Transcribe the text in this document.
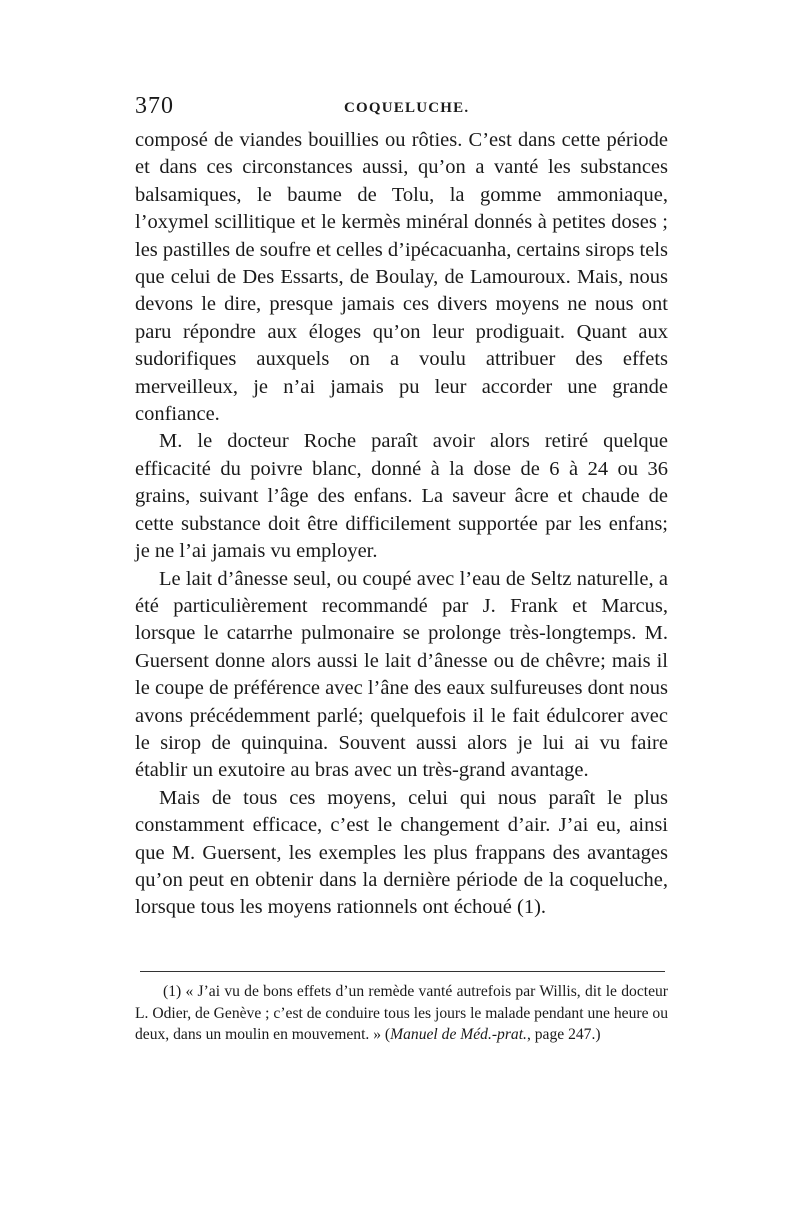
370	COQUELUCHE.

composé de viandes bouillies ou rôties. C’est dans cette période et dans ces circonstances aussi, qu’on a vanté les substances balsamiques, le baume de Tolu, la gomme ammoniaque, l’oxymel scillitique et le kermès minéral donnés à petites doses ; les pastilles de soufre et celles d’ipécacuanha, certains sirops tels que celui de Des Essarts, de Boulay, de Lamouroux. Mais, nous devons le dire, presque jamais ces divers moyens ne nous ont paru répondre aux éloges qu’on leur prodiguait. Quant aux sudorifiques auxquels on a voulu attribuer des effets merveilleux, je n’ai jamais pu leur accorder une grande confiance.

M. le docteur Roche paraît avoir alors retiré quelque efficacité du poivre blanc, donné à la dose de 6 à 24 ou 36 grains, suivant l’âge des enfans. La saveur âcre et chaude de cette substance doit être difficilement supportée par les enfans; je ne l’ai jamais vu employer.

Le lait d’ânesse seul, ou coupé avec l’eau de Seltz naturelle, a été particulièrement recommandé par J. Frank et Marcus, lorsque le catarrhe pulmonaire se prolonge très-longtemps. M. Guersent donne alors aussi le lait d’ânesse ou de chêvre; mais il le coupe de préférence avec l’âne des eaux sulfureuses dont nous avons précédemment parlé; quelquefois il le fait édulcorer avec le sirop de quinquina. Souvent aussi alors je lui ai vu faire établir un exutoire au bras avec un très-grand avantage.

Mais de tous ces moyens, celui qui nous paraît le plus constamment efficace, c’est le changement d’air. J’ai eu, ainsi que M. Guersent, les exemples les plus frappans des avantages qu’on peut en obtenir dans la dernière période de la coqueluche, lorsque tous les moyens rationnels ont échoué (1).

(1) « J’ai vu de bons effets d’un remède vanté autrefois par Willis, dit le docteur L. Odier, de Genève ; c’est de conduire tous les jours le malade pendant une heure ou deux, dans un moulin en mouvement. » (Manuel de Méd.-prat., page 247.)
